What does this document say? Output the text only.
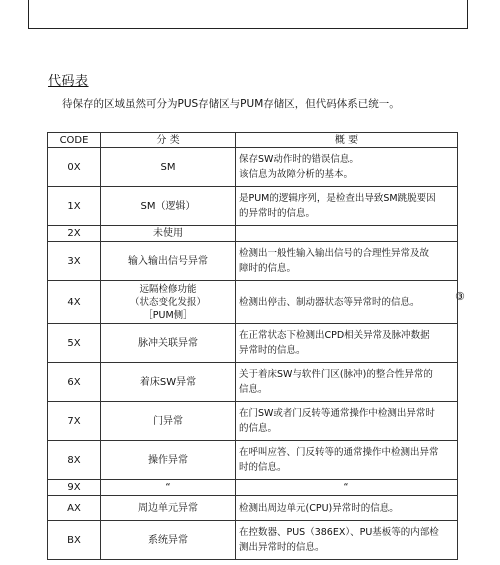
代码表
待保存的区域虽然可分为PUS存储区与PUM存储区，但代码体系已统一。
③
CODE	分 类	概 要
0X	SM	保存SW动作时的错误信息。
该信息为故障分析的基本。

1X	SM（逻辑）	是PUM的逻辑序列，是检查出导致SM跳脱要因
的异常时的信息。

2X	未使用	
3X	输入输出信号异常	检测出一般性输入输出信号的合理性异常及故
障时的信息。

4X	远隔检修功能
（状态变化发报）
［PUM侧］	检测出停击、制动器状态等异常时的信息。
5X	脉冲关联异常	在正常状态下检测出CPD相关异常及脉冲数据
异常时的信息。

6X	着床SW异常	关于着床SW与软件门区(脉冲)的整合性异常的
信息。

7X	门异常	在门SW或者门反转等通常操作中检测出异常时
的信息。

8X	操作异常	在呼叫应答、门反转等的通常操作中检测出异常
时的信息。

9X	“	“
AX	周边单元异常	检测出周边单元(CPU)异常时的信息。
BX	系统异常	在控数器、PUS（386EX）、PU基板等的内部检
测出异常时的信息。
